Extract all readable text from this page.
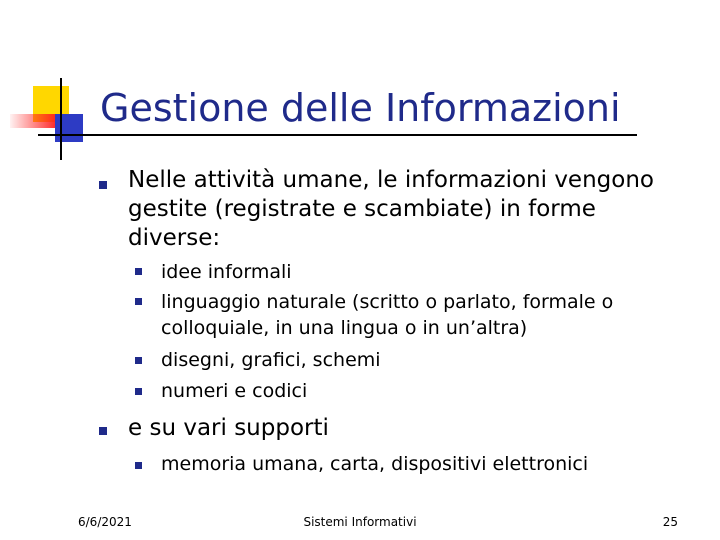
Gestione delle Informazioni
Nelle attività umane, le informazioni vengono
gestite (registrate e scambiate) in forme
diverse:
idee informali
linguaggio naturale (scritto o parlato, formale o
colloquiale, in una lingua o in un’altra)
disegni, grafici, schemi
numeri e codici
e su vari supporti
memoria umana, carta, dispositivi elettronici
6/6/2021	Sistemi Informativi	25
